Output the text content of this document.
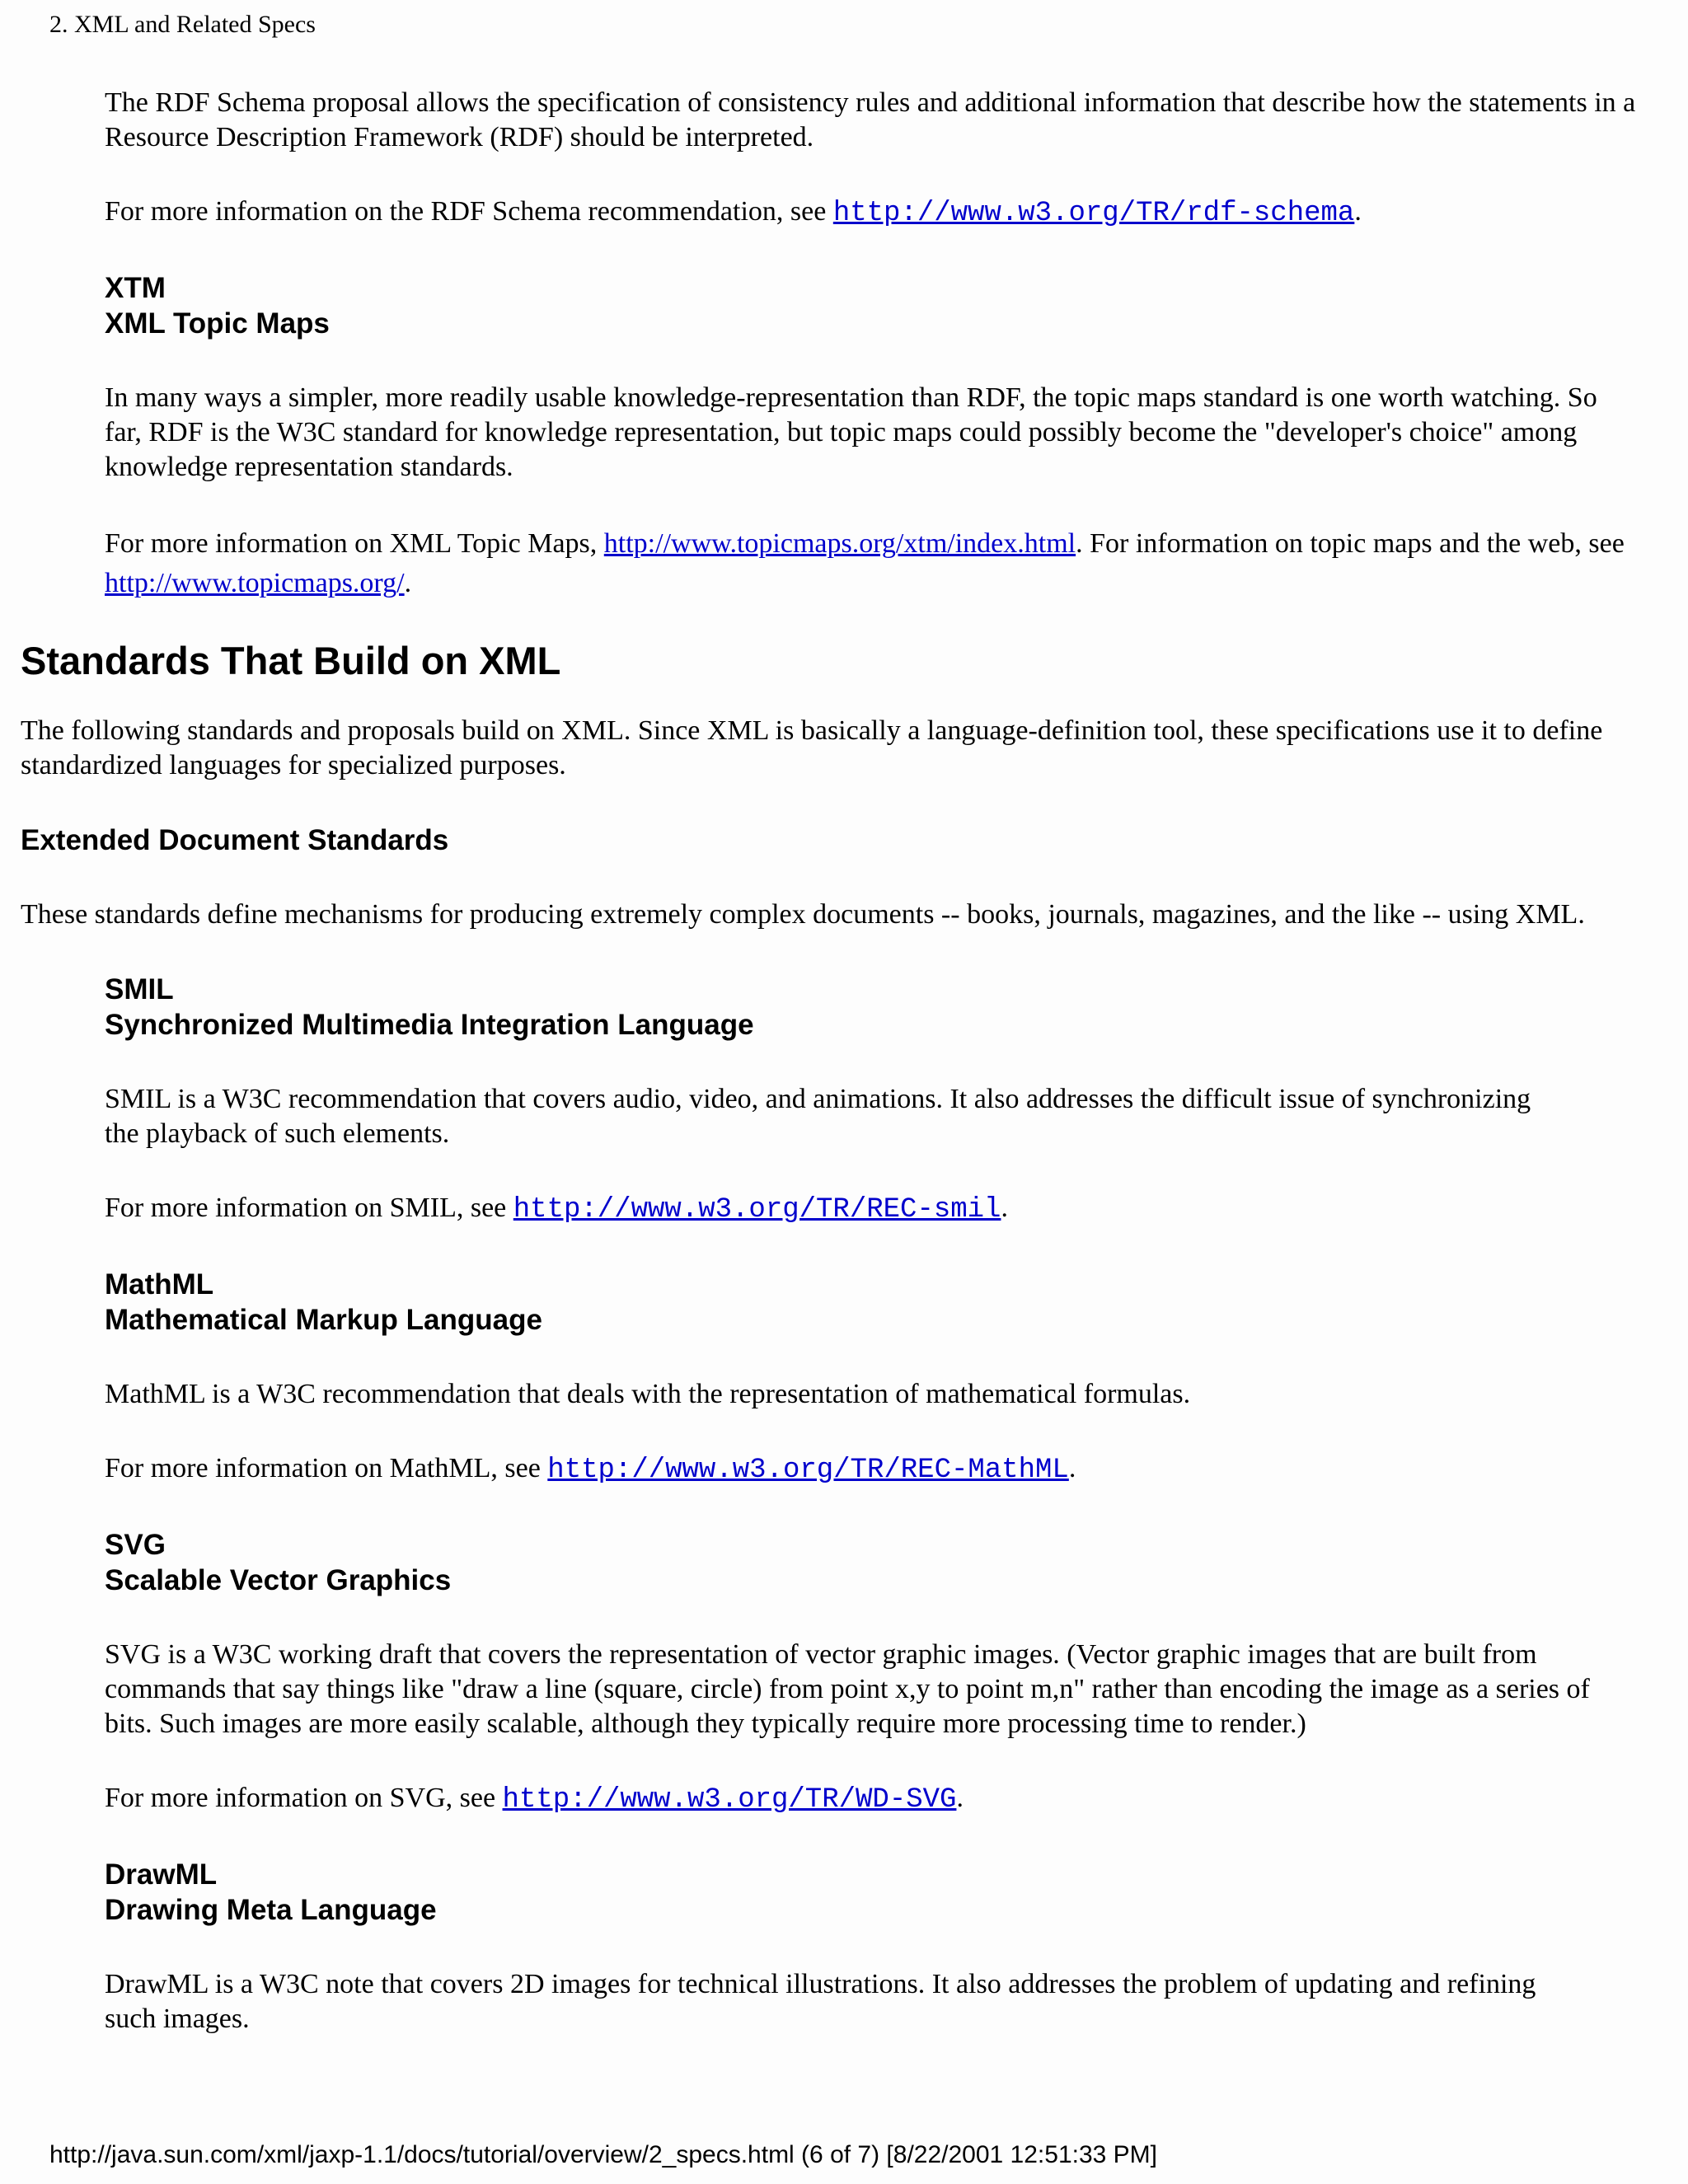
2. XML and Related Specs

The RDF Schema proposal allows the specification of consistency rules and additional information that describe how the statements in a Resource Description Framework (RDF) should be interpreted.

For more information on the RDF Schema recommendation, see http://www.w3.org/TR/rdf-schema.

XTM
XML Topic Maps

In many ways a simpler, more readily usable knowledge-representation than RDF, the topic maps standard is one worth watching. So far, RDF is the W3C standard for knowledge representation, but topic maps could possibly become the "developer's choice" among knowledge representation standards.

For more information on XML Topic Maps, http://www.topicmaps.org/xtm/index.html. For information on topic maps and the web, see http://www.topicmaps.org/.

Standards That Build on XML

The following standards and proposals build on XML. Since XML is basically a language-definition tool, these specifications use it to define standardized languages for specialized purposes.

Extended Document Standards

These standards define mechanisms for producing extremely complex documents -- books, journals, magazines, and the like -- using XML.

SMIL
Synchronized Multimedia Integration Language

SMIL is a W3C recommendation that covers audio, video, and animations. It also addresses the difficult issue of synchronizing the playback of such elements.

For more information on SMIL, see http://www.w3.org/TR/REC-smil.

MathML
Mathematical Markup Language

MathML is a W3C recommendation that deals with the representation of mathematical formulas.

For more information on MathML, see http://www.w3.org/TR/REC-MathML.

SVG
Scalable Vector Graphics

SVG is a W3C working draft that covers the representation of vector graphic images. (Vector graphic images that are built from commands that say things like "draw a line (square, circle) from point x,y to point m,n" rather than encoding the image as a series of bits. Such images are more easily scalable, although they typically require more processing time to render.)

For more information on SVG, see http://www.w3.org/TR/WD-SVG.

DrawML
Drawing Meta Language

DrawML is a W3C note that covers 2D images for technical illustrations. It also addresses the problem of updating and refining such images.

http://java.sun.com/xml/jaxp-1.1/docs/tutorial/overview/2_specs.html (6 of 7) [8/22/2001 12:51:33 PM]
